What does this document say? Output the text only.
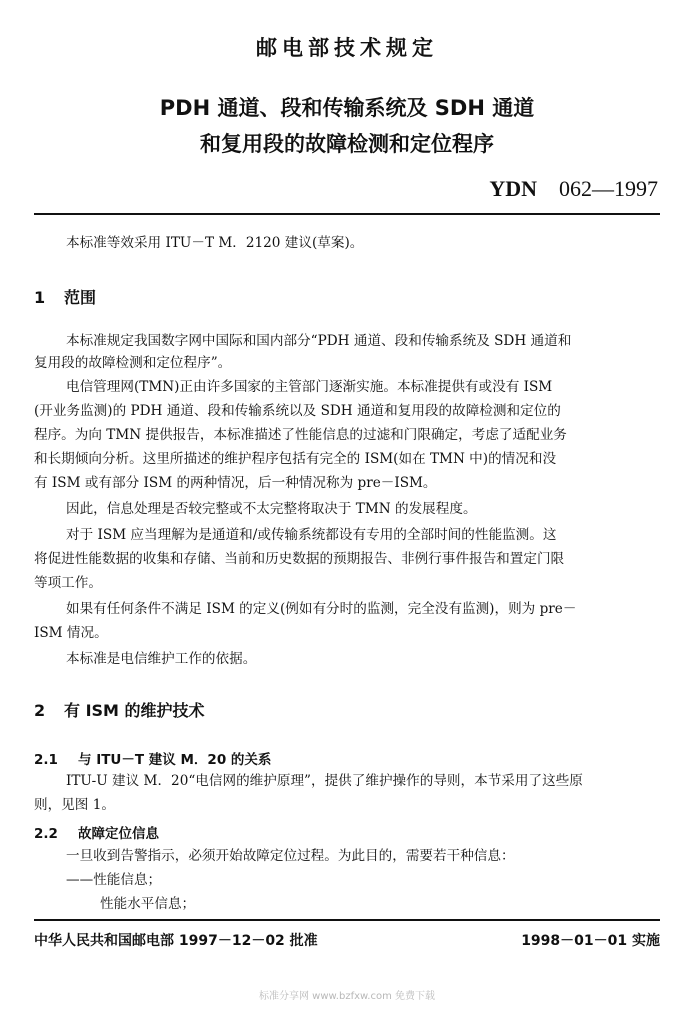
邮电部技术规定
PDH 通道、段和传输系统及 SDH 通道
和复用段的故障检测和定位程序
YDN 062—1997
本标准等效采用 ITU－T M．2120 建议(草案)。
1 范围
本标准规定我国数字网中国际和国内部分“PDH 通道、段和传输系统及 SDH 通道和
复用段的故障检测和定位程序”。
电信管理网(TMN)正由许多国家的主管部门逐渐实施。本标准提供有或没有 ISM
(开业务监测)的 PDH 通道、段和传输系统以及 SDH 通道和复用段的故障检测和定位的
程序。为向 TMN 提供报告，本标准描述了性能信息的过滤和门限确定，考虑了适配业务
和长期倾向分析。这里所描述的维护程序包括有完全的 ISM(如在 TMN 中)的情况和没
有 ISM 或有部分 ISM 的两种情况，后一种情况称为 pre－ISM。
因此，信息处理是否较完整或不太完整将取决于 TMN 的发展程度。
对于 ISM 应当理解为是通道和/或传输系统都设有专用的全部时间的性能监测。这
将促进性能数据的收集和存储、当前和历史数据的预期报告、非例行事件报告和置定门限
等项工作。
如果有任何条件不满足 ISM 的定义(例如有分时的监测，完全没有监测)，则为 pre－
ISM 情况。
本标准是电信维护工作的依据。
2 有 ISM 的维护技术
2.1 与 ITU－T 建议 M．20 的关系
ITU-U 建议 M．20“电信网的维护原理”，提供了维护操作的导则，本节采用了这些原
则，见图 1。
2.2 故障定位信息
一旦收到告警指示，必须开始故障定位过程。为此目的，需要若干种信息：
——性能信息；
性能水平信息；
中华人民共和国邮电部 1997－12－02 批准	1998－01－01 实施
标准分享网 www.bzfxw.com 免费下载
